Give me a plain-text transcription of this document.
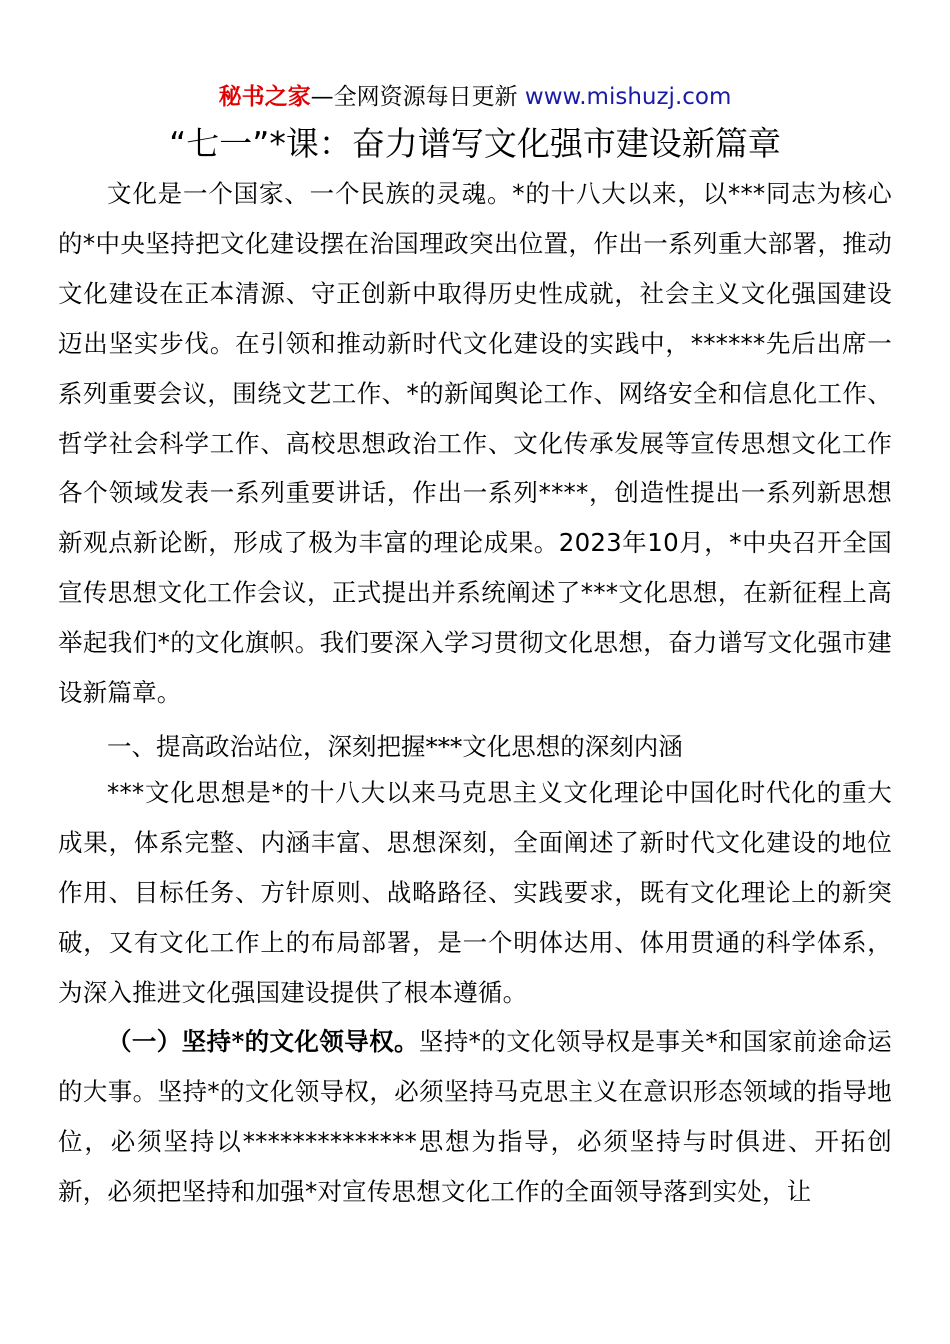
秘书之家—全网资源每日更新 www.mishuzj.com
“七一”*课：奋力谱写文化强市建设新篇章

文化是一个国家、一个民族的灵魂。*的十八大以来，以***同志为核心的*中央坚持把文化建设摆在治国理政突出位置，作出一系列重大部署，推动文化建设在正本清源、守正创新中取得历史性成就，社会主义文化强国建设迈出坚实步伐。在引领和推动新时代文化建设的实践中，******先后出席一系列重要会议，围绕文艺工作、*的新闻舆论工作、网络安全和信息化工作、哲学社会科学工作、高校思想政治工作、文化传承发展等宣传思想文化工作各个领域发表一系列重要讲话，作出一系列****，创造性提出一系列新思想新观点新论断，形成了极为丰富的理论成果。2023年10月，*中央召开全国宣传思想文化工作会议，正式提出并系统阐述了***文化思想，在新征程上高举起我们*的文化旗帜。我们要深入学习贯彻文化思想，奋力谱写文化强市建设新篇章。

一、提高政治站位，深刻把握***文化思想的深刻内涵

***文化思想是*的十八大以来马克思主义文化理论中国化时代化的重大成果，体系完整、内涵丰富、思想深刻，全面阐述了新时代文化建设的地位作用、目标任务、方针原则、战略路径、实践要求，既有文化理论上的新突破，又有文化工作上的布局部署，是一个明体达用、体用贯通的科学体系，为深入推进文化强国建设提供了根本遵循。

（一）坚持*的文化领导权。坚持*的文化领导权是事关*和国家前途命运的大事。坚持*的文化领导权，必须坚持马克思主义在意识形态领域的指导地位，必须坚持以**************思想为指导，必须坚持与时俱进、开拓创新，必须把坚持和加强*对宣传思想文化工作的全面领导落到实处，让
